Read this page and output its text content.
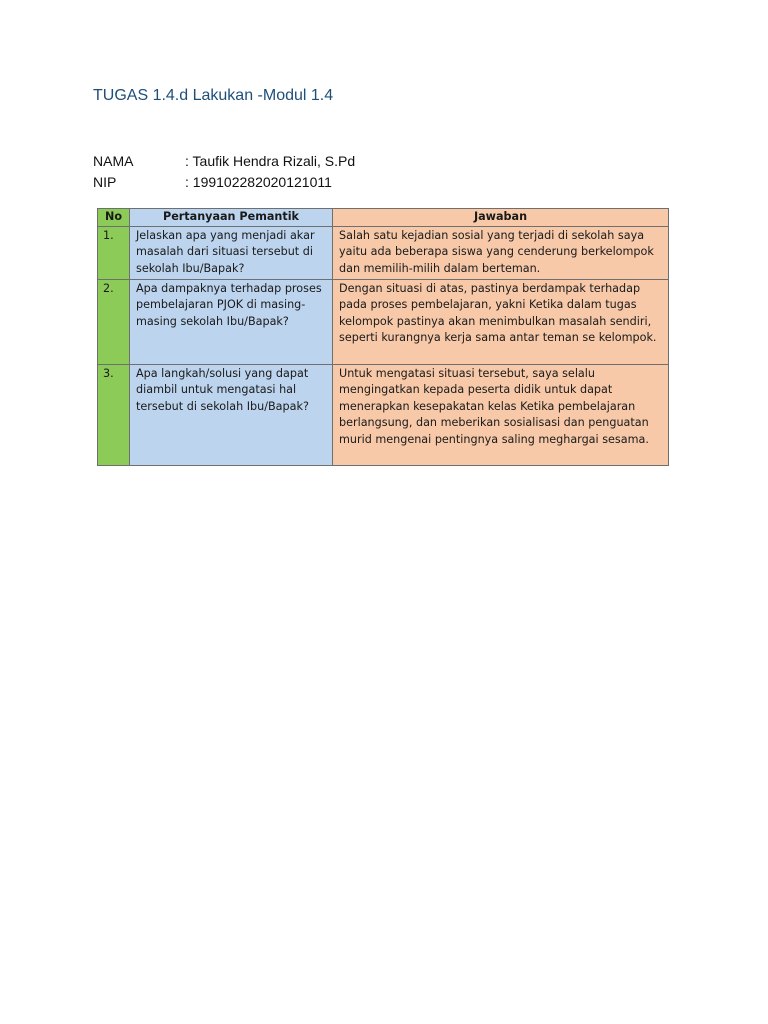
TUGAS 1.4.d Lakukan -Modul 1.4
NAMA	: Taufik Hendra Rizali, S.Pd
NIP	: 199102282020121011
No	Pertanyaan Pemantik	Jawaban
1.	Jelaskan apa yang menjadi akar masalah dari situasi tersebut di sekolah Ibu/Bapak?	Salah satu kejadian sosial yang terjadi di sekolah saya yaitu ada beberapa siswa yang cenderung berkelompok dan memilih-milih dalam berteman.
2.	Apa dampaknya terhadap proses pembelajaran PJOK di masing-masing sekolah Ibu/Bapak?	Dengan situasi di atas, pastinya berdampak terhadap pada proses pembelajaran, yakni Ketika dalam tugas kelompok pastinya akan menimbulkan masalah sendiri, seperti kurangnya kerja sama antar teman se kelompok.
3.	Apa langkah/solusi yang dapat diambil untuk mengatasi hal tersebut di sekolah Ibu/Bapak?	Untuk mengatasi situasi tersebut, saya selalu mengingatkan kepada peserta didik untuk dapat menerapkan kesepakatan kelas Ketika pembelajaran berlangsung, dan meberikan sosialisasi dan penguatan murid mengenai pentingnya saling meghargai sesama.
